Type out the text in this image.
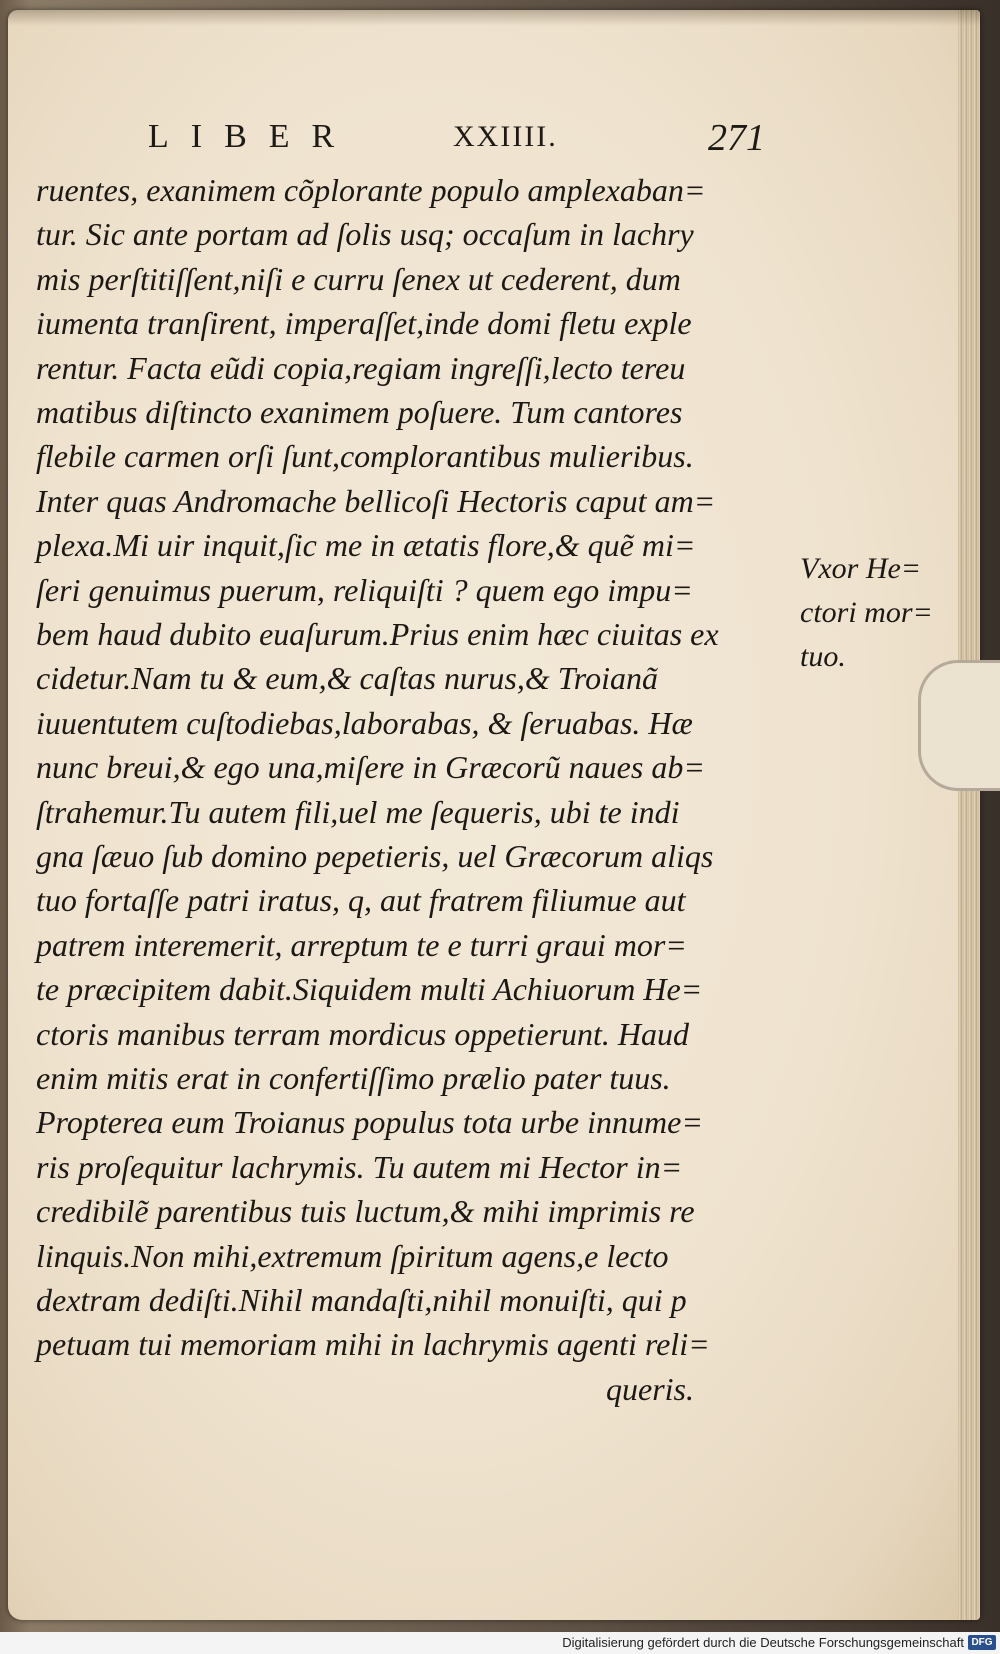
LIBER	XXIIII.	271
ruentes, exanimem cõplorante populo amplexaban=
tur. Sic ante portam ad ſolis usq; occaſum in lachry
mis perſtitiſſent,niſi e curru ſenex ut cederent, dum
iumenta tranſirent, imperaſſet,inde domi fletu exple
rentur. Facta eũdi copia,regiam ingreſſi,lecto tereu
matibus diſtincto exanimem poſuere. Tum cantores
flebile carmen orſi ſunt,complorantibus mulieribus.
Inter quas Andromache bellicoſi Hectoris caput am=
plexa.Mi uir inquit,ſic me in ætatis flore,& quẽ mi=
ſeri genuimus puerum, reliquiſti ? quem ego impu=
bem haud dubito euaſurum.Prius enim hæc ciuitas ex
cidetur.Nam tu & eum,& caſtas nurus,& Troianã
iuuentutem cuſtodiebas,laborabas, & ſeruabas. Hæ
nunc breui,& ego una,miſere in Græcorũ naues ab=
ſtrahemur.Tu autem fili,uel me ſequeris, ubi te indi
gna ſæuo ſub domino pepetieris, uel Græcorum aliqs
tuo fortaſſe patri iratus, q, aut fratrem filiumue aut
patrem interemerit, arreptum te e turri graui mor=
te præcipitem dabit.Siquidem multi Achiuorum He=
ctoris manibus terram mordicus oppetierunt. Haud
enim mitis erat in confertiſſimo prælio pater tuus.
Propterea eum Troianus populus tota urbe innume=
ris proſequitur lachrymis. Tu autem mi Hector in=
credibilẽ parentibus tuis luctum,& mihi imprimis re
linquis.Non mihi,extremum ſpiritum agens,e lecto
dextram dediſti.Nihil mandaſti,nihil monuiſti, qui p
petuam tui memoriam mihi in lachrymis agenti reli=
queris.
Vxor He=
ctori mor=
tuo.
Digitalisierung gefördert durch die Deutsche Forschungsgemeinschaft DFG
